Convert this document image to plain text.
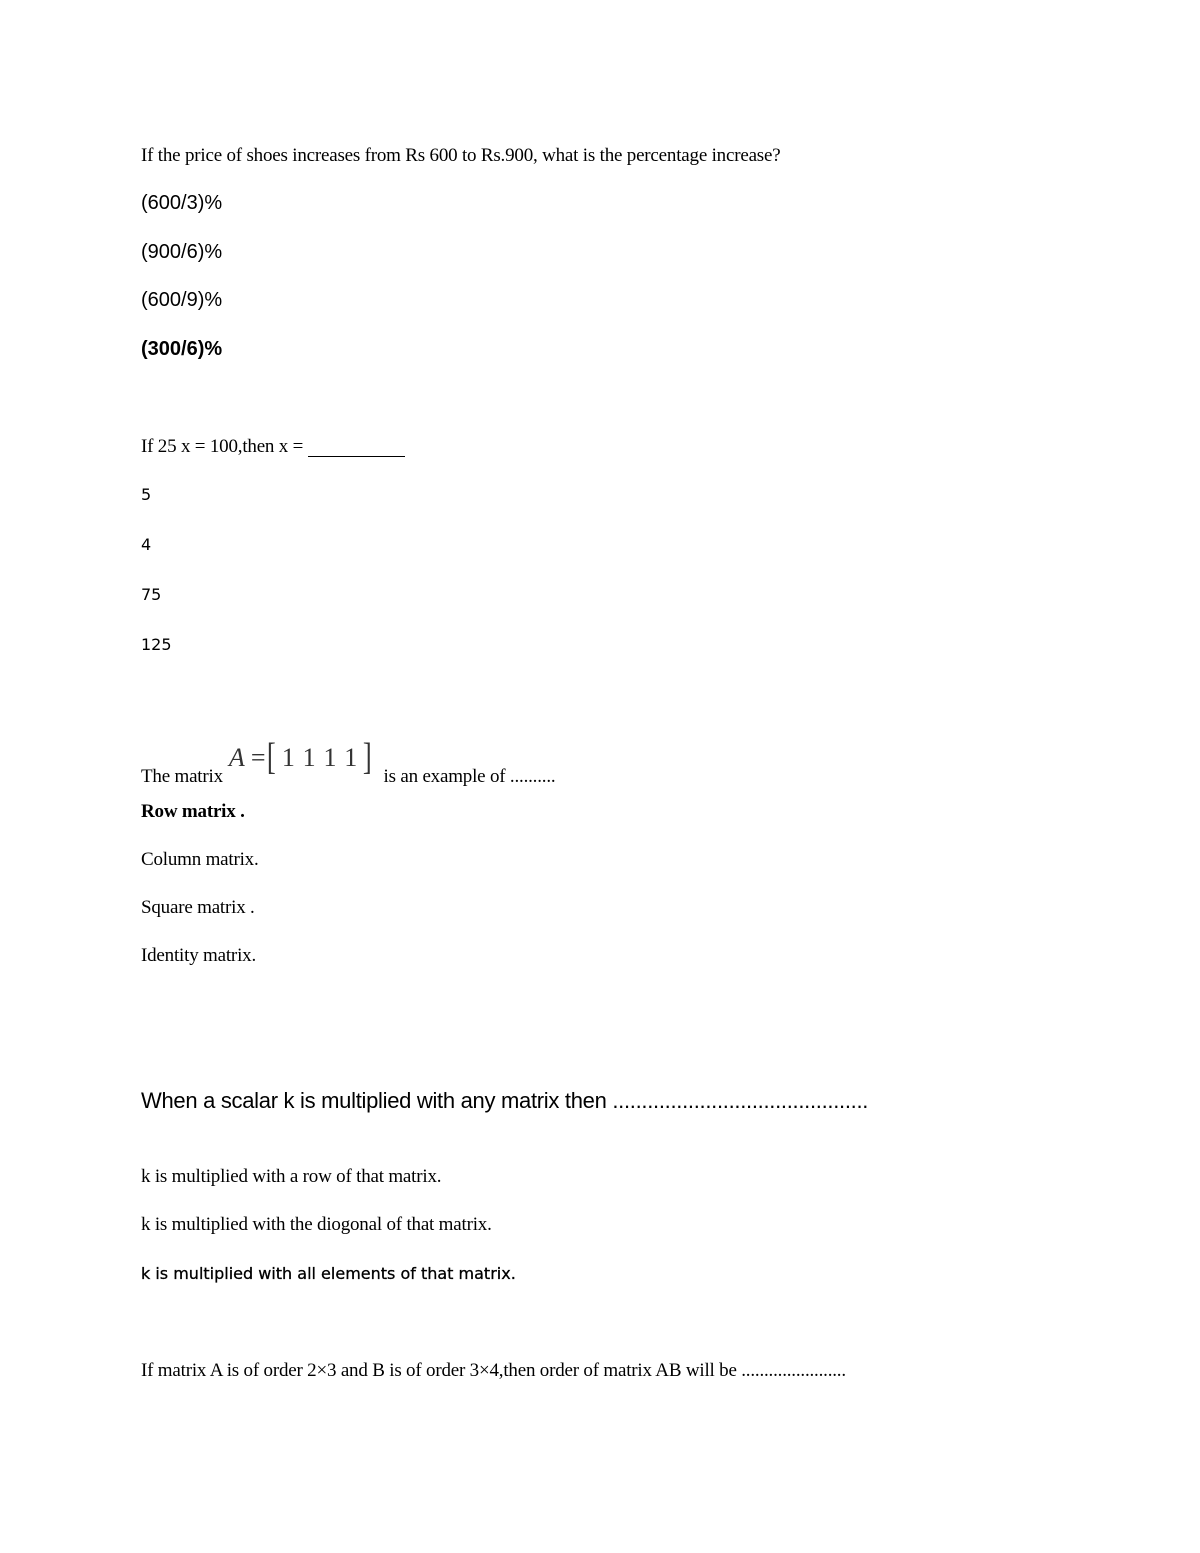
If the price of shoes increases from Rs 600 to Rs.900, what is the percentage increase?
(600/3)%
(900/6)%
(600/9)%
(300/6)%
If 25 x = 100,then x =
5
4
75
125
The matrixA =[ 1 1 1 1 ] is an example of ..........
Row matrix .
Column matrix.
Square matrix .
Identity matrix.
When a scalar k is multiplied with any matrix then ............................................
k is multiplied with a row of that matrix.
k is multiplied with the diogonal of that matrix.
k is multiplied with all elements of that matrix.
If matrix A is of order 2×3 and B is of order 3×4,then order of matrix AB will be .......................
